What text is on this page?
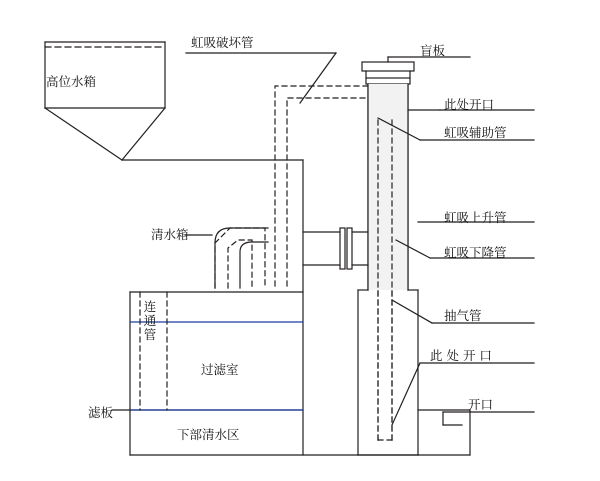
高位水箱
虹吸破坏管
盲板
此处开口
虹吸辅助管
虹吸上升管
虹吸下降管
清水箱
抽气管
此 处 开 口
开口
过滤室
下部清水区
滤板
连通管
